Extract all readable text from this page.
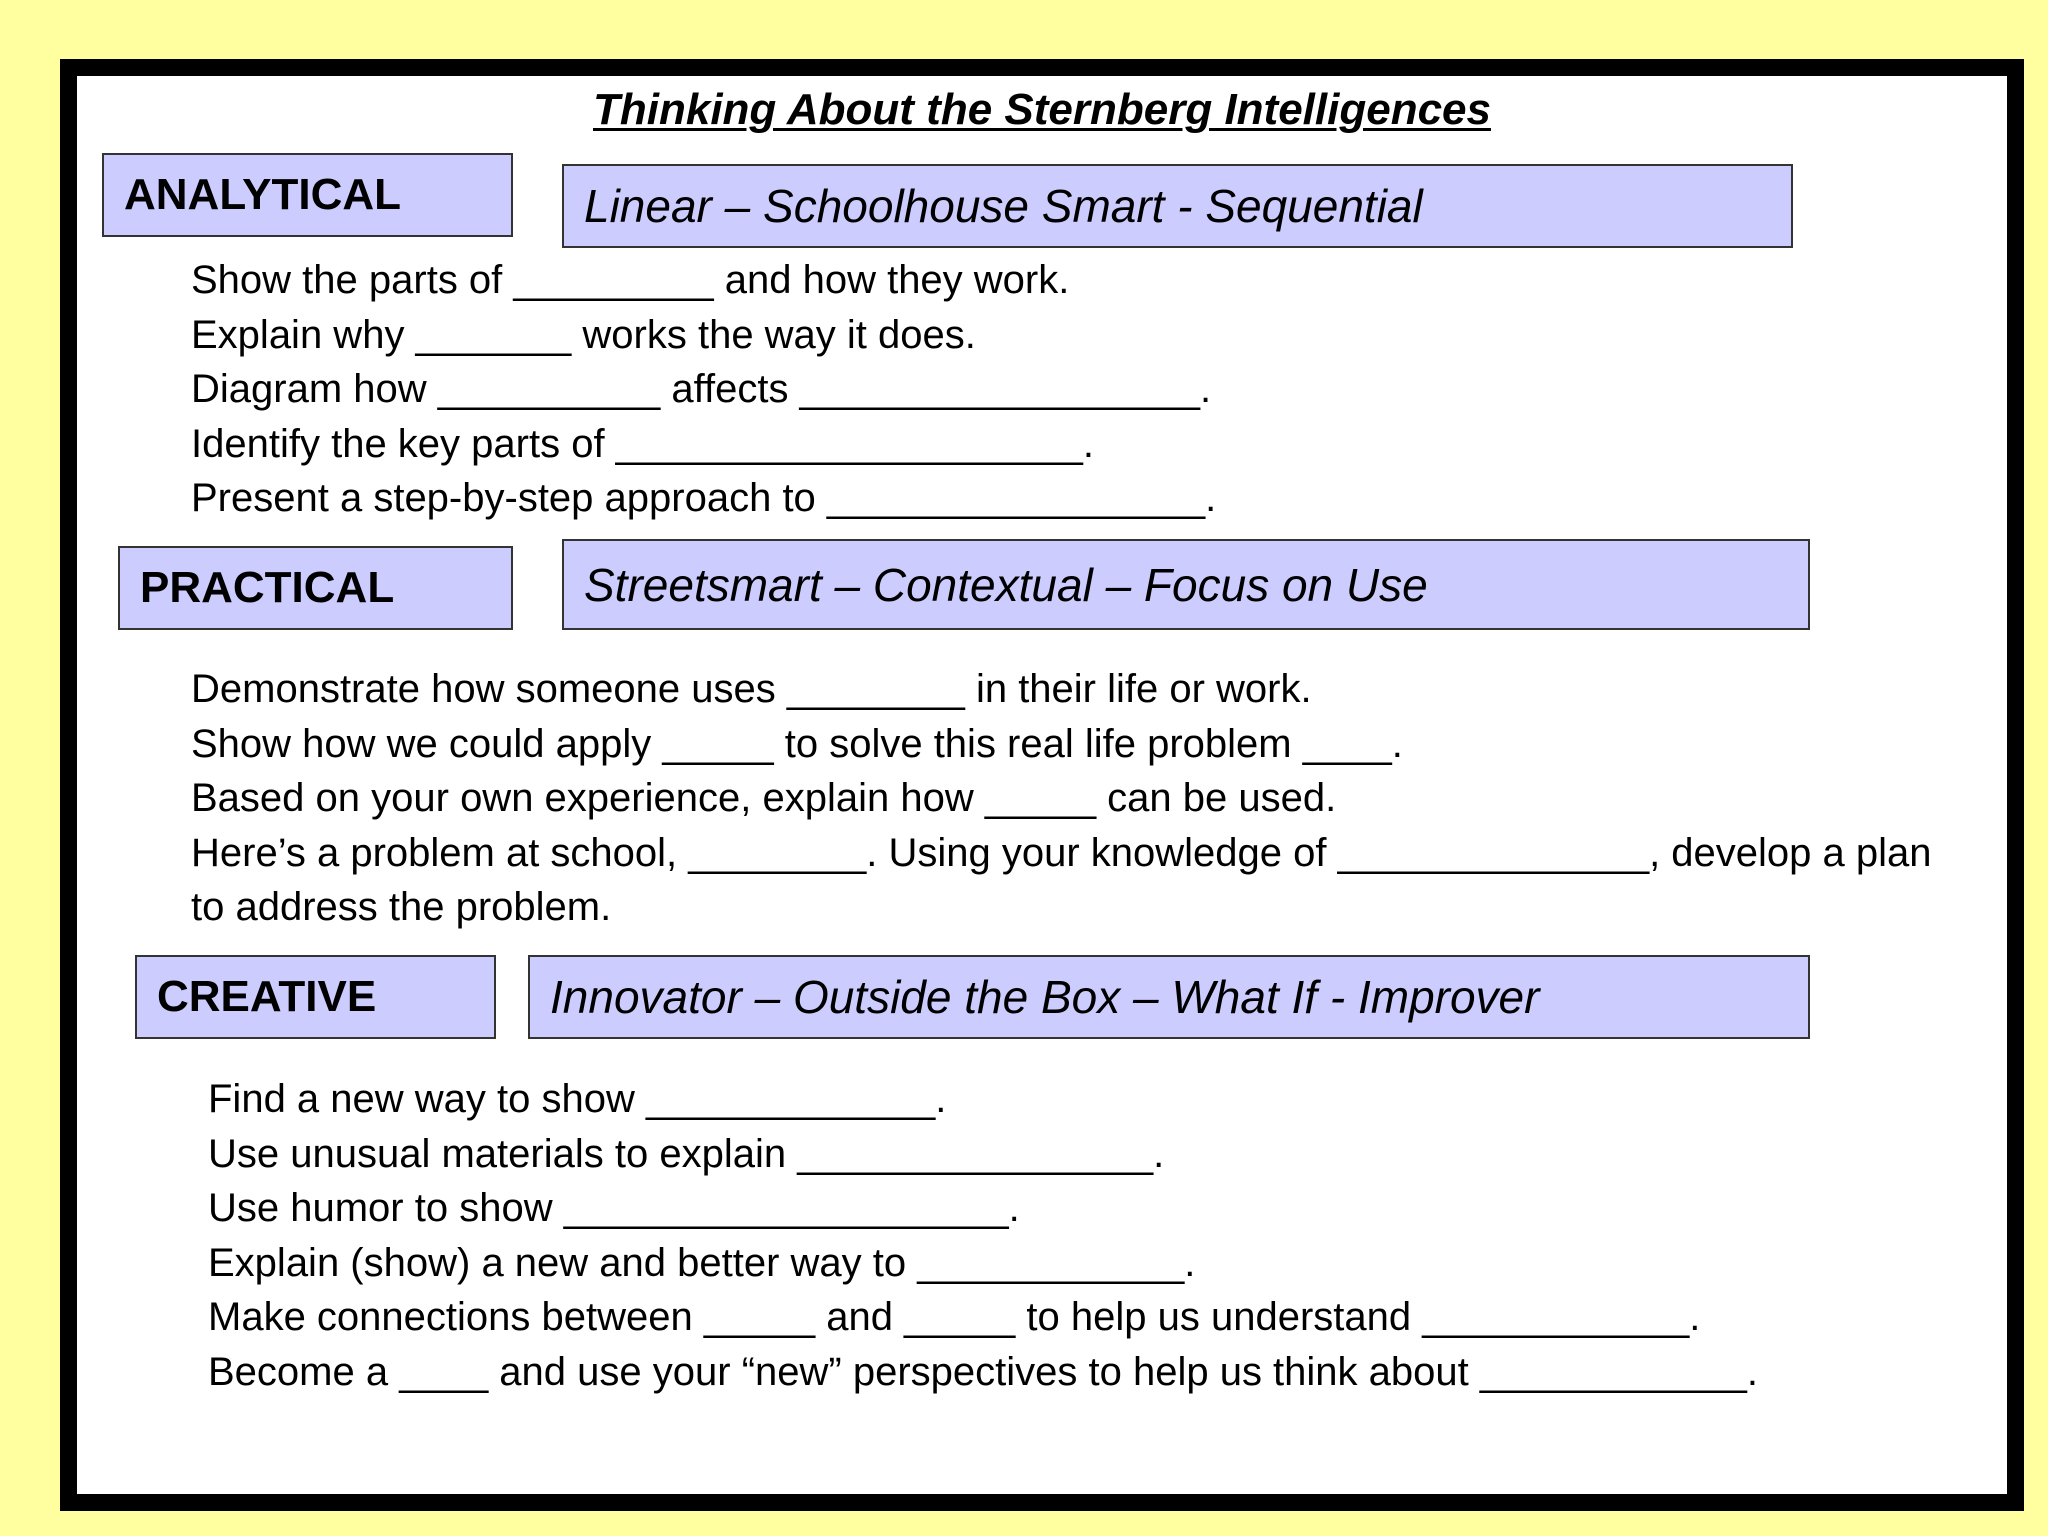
Thinking About the Sternberg Intelligences
ANALYTICAL	Linear – Schoolhouse Smart - Sequential
Show the parts of _________ and how they work.
Explain why _______ works the way it does.
Diagram how __________ affects __________________.
Identify the key parts of _____________________.
Present a step-by-step approach to _________________.
PRACTICAL	Streetsmart – Contextual – Focus on Use
Demonstrate how someone uses ________ in their life or work.
Show how we could apply _____ to solve this real life problem ____.
Based on your own experience, explain how _____ can be used.
Here’s a problem at school, ________. Using your knowledge of ______________, develop a plan to address the problem.
CREATIVE	Innovator – Outside the Box – What If - Improver
Find a new way to show _____________.
Use unusual materials to explain ________________.
Use humor to show ____________________.
Explain (show) a new and better way to ____________.
Make connections between _____ and _____ to help us understand ____________.
Become a ____ and use your “new” perspectives to help us think about ____________.
